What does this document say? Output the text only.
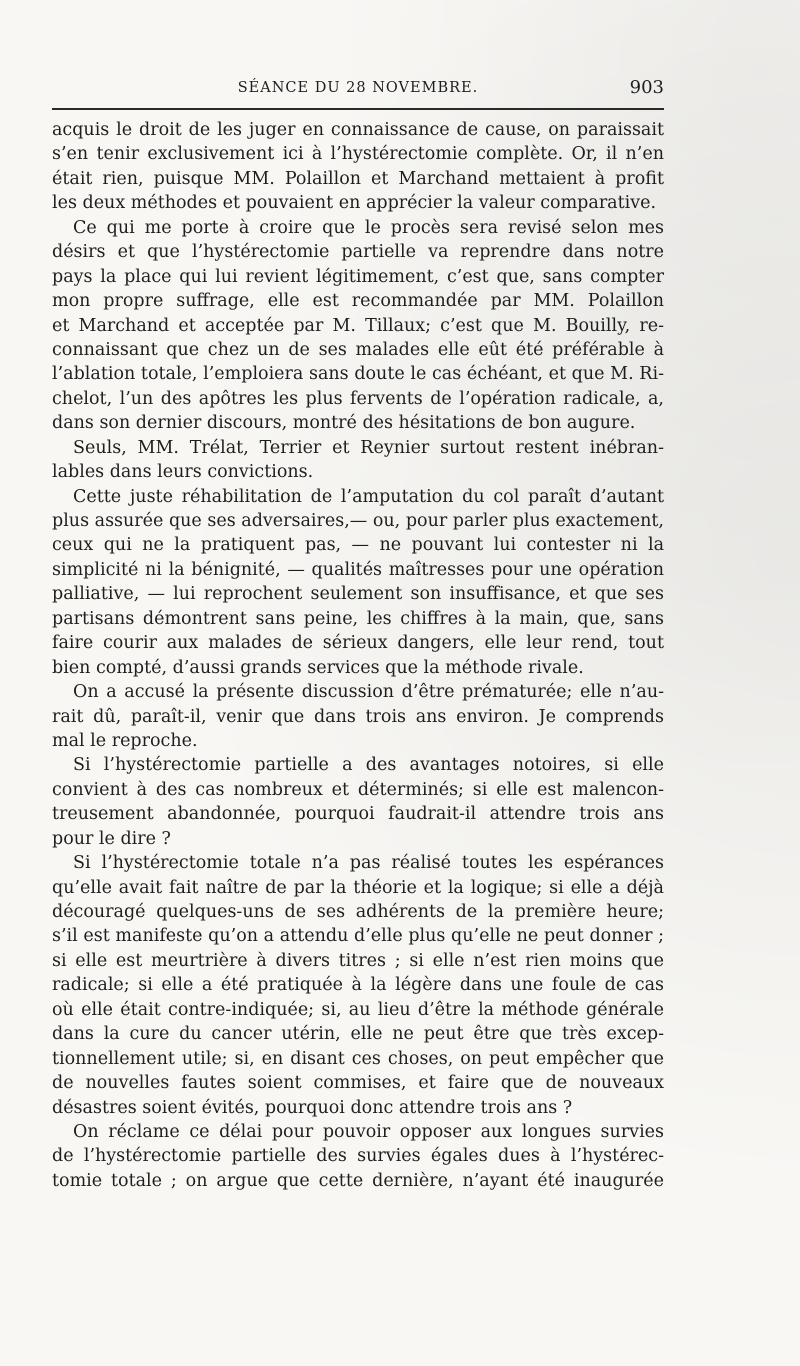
SÉANCE DU 28 NOVEMBRE.	903
acquis le droit de les juger en connaissance de cause, on paraissait
s’en tenir exclusivement ici à l’hystérectomie complète. Or, il n’en
était rien, puisque MM. Polaillon et Marchand mettaient à profit
les deux méthodes et pouvaient en apprécier la valeur comparative.
Ce qui me porte à croire que le procès sera revisé selon mes
désirs et que l’hystérectomie partielle va reprendre dans notre
pays la place qui lui revient légitimement, c’est que, sans compter
mon propre suffrage, elle est recommandée par MM. Polaillon
et Marchand et acceptée par M. Tillaux; c’est que M. Bouilly, re-
connaissant que chez un de ses malades elle eût été préférable à
l’ablation totale, l’emploiera sans doute le cas échéant, et que M. Ri-
chelot, l’un des apôtres les plus fervents de l’opération radicale, a,
dans son dernier discours, montré des hésitations de bon augure.
Seuls, MM. Trélat, Terrier et Reynier surtout restent inébran-
lables dans leurs convictions.
Cette juste réhabilitation de l’amputation du col paraît d’autant
plus assurée que ses adversaires,— ou, pour parler plus exactement,
ceux qui ne la pratiquent pas, — ne pouvant lui contester ni la
simplicité ni la bénignité, — qualités maîtresses pour une opération
palliative, — lui reprochent seulement son insuffisance, et que ses
partisans démontrent sans peine, les chiffres à la main, que, sans
faire courir aux malades de sérieux dangers, elle leur rend, tout
bien compté, d’aussi grands services que la méthode rivale.
On a accusé la présente discussion d’être prématurée; elle n’au-
rait dû, paraît-il, venir que dans trois ans environ. Je comprends
mal le reproche.
Si l’hystérectomie partielle a des avantages notoires, si elle
convient à des cas nombreux et déterminés; si elle est malencon-
treusement abandonnée, pourquoi faudrait-il attendre trois ans
pour le dire ?
Si l’hystérectomie totale n’a pas réalisé toutes les espérances
qu’elle avait fait naître de par la théorie et la logique; si elle a déjà
découragé quelques-uns de ses adhérents de la première heure;
s’il est manifeste qu’on a attendu d’elle plus qu’elle ne peut donner ;
si elle est meurtrière à divers titres ; si elle n’est rien moins que
radicale; si elle a été pratiquée à la légère dans une foule de cas
où elle était contre-indiquée; si, au lieu d’être la méthode générale
dans la cure du cancer utérin, elle ne peut être que très excep-
tionnellement utile; si, en disant ces choses, on peut empêcher que
de nouvelles fautes soient commises, et faire que de nouveaux
désastres soient évités, pourquoi donc attendre trois ans ?
On réclame ce délai pour pouvoir opposer aux longues survies
de l’hystérectomie partielle des survies égales dues à l’hystérec-
tomie totale ; on argue que cette dernière, n’ayant été inaugurée
